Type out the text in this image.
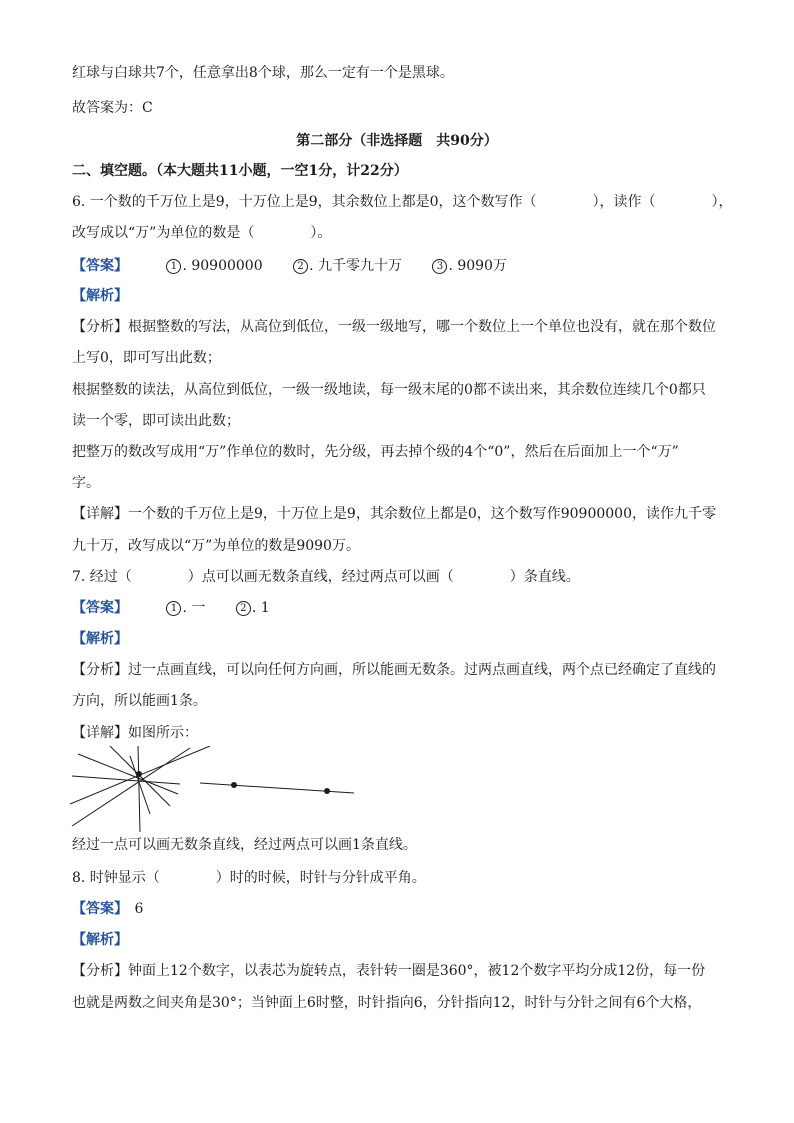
红球与白球共7个，任意拿出8个球，那么一定有一个是黑球。
故答案为：C
第二部分（非选择题　共90分）
二、填空题。（本大题共11小题，一空1分，计22分）
6. 一个数的千万位上是9，十万位上是9，其余数位上都是0，这个数写作（　　　　），读作（　　　　），
改写成以“万”为单位的数是（　　　　）。
【答案】	1 . 90900000	2 . 九千零九十万	3 . 9090万
【解析】
【分析】根据整数的写法，从高位到低位，一级一级地写，哪一个数位上一个单位也没有，就在那个数位
上写0，即可写出此数；
根据整数的读法，从高位到低位，一级一级地读，每一级末尾的0都不读出来，其余数位连续几个0都只
读一个零，即可读出此数；
把整万的数改写成用“万”作单位的数时，先分级，再去掉个级的4个“0”，然后在后面加上一个“万”
字。
【详解】一个数的千万位上是9，十万位上是9，其余数位上都是0，这个数写作90900000，读作九千零
九十万，改写成以“万”为单位的数是9090万。
7. 经过（　　　　）点可以画无数条直线，经过两点可以画（　　　　）条直线。
【答案】	1 . 一	2 . 1
【解析】
【分析】过一点画直线，可以向任何方向画，所以能画无数条。过两点画直线，两个点已经确定了直线的
方向，所以能画1条。
【详解】如图所示：
经过一点可以画无数条直线，经过两点可以画1条直线。
8. 时钟显示（　　　　）时的时候，时针与分针成平角。
【答案】 6
【解析】
【分析】钟面上12个数字，以表芯为旋转点，表针转一圈是360°，被12个数字平均分成12份，每一份
也就是两数之间夹角是30°；当钟面上6时整，时针指向6，分针指向12，时针与分针之间有6个大格，
